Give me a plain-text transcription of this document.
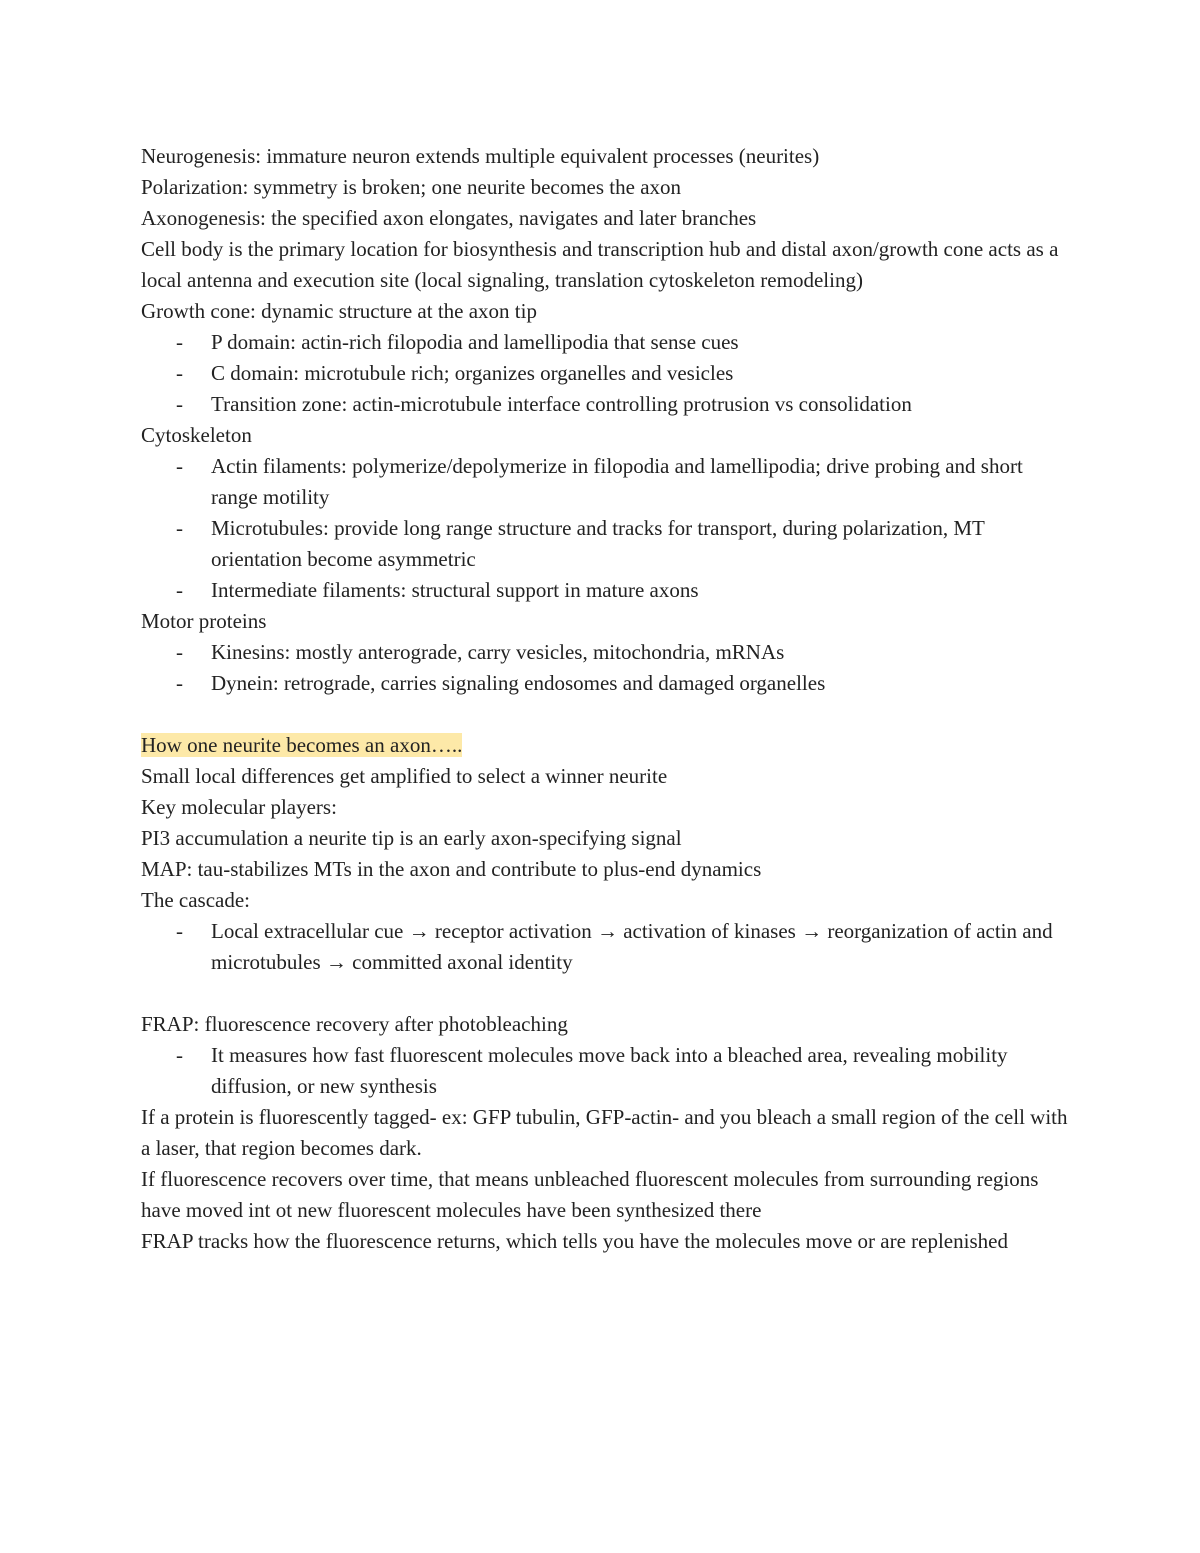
Neurogenesis: immature neuron extends multiple equivalent processes (neurites)

Polarization: symmetry is broken; one neurite becomes the axon

Axonogenesis: the specified axon elongates, navigates and later branches

Cell body is the primary location for biosynthesis and transcription hub and distal axon/growth cone acts as a local antenna and execution site (local signaling, translation cytoskeleton remodeling)

Growth cone: dynamic structure at the axon tip

- P domain: actin-rich filopodia and lamellipodia that sense cues
- C domain: microtubule rich; organizes organelles and vesicles
- Transition zone: actin-microtubule interface controlling protrusion vs consolidation

Cytoskeleton

- Actin filaments: polymerize/depolymerize in filopodia and lamellipodia; drive probing and short range motility
- Microtubules: provide long range structure and tracks for transport, during polarization, MT orientation become asymmetric
- Intermediate filaments: structural support in mature axons

Motor proteins

- Kinesins: mostly anterograde, carry vesicles, mitochondria, mRNAs
- Dynein: retrograde, carries signaling endosomes and damaged organelles

How one neurite becomes an axon…..

Small local differences get amplified to select a winner neurite

Key molecular players:

PI3 accumulation a neurite tip is an early axon-specifying signal

MAP: tau-stabilizes MTs in the axon and contribute to plus-end dynamics

The cascade:

- Local extracellular cue → receptor activation → activation of kinases → reorganization of actin and microtubules → committed axonal identity

FRAP: fluorescence recovery after photobleaching

- It measures how fast fluorescent molecules move back into a bleached area, revealing mobility diffusion, or new synthesis

If a protein is fluorescently tagged- ex: GFP tubulin, GFP-actin- and you bleach a small region of the cell with a laser, that region becomes dark.

If fluorescence recovers over time, that means unbleached fluorescent molecules from surrounding regions have moved int ot new fluorescent molecules have been synthesized there

FRAP tracks how the fluorescence returns, which tells you have the molecules move or are replenished
